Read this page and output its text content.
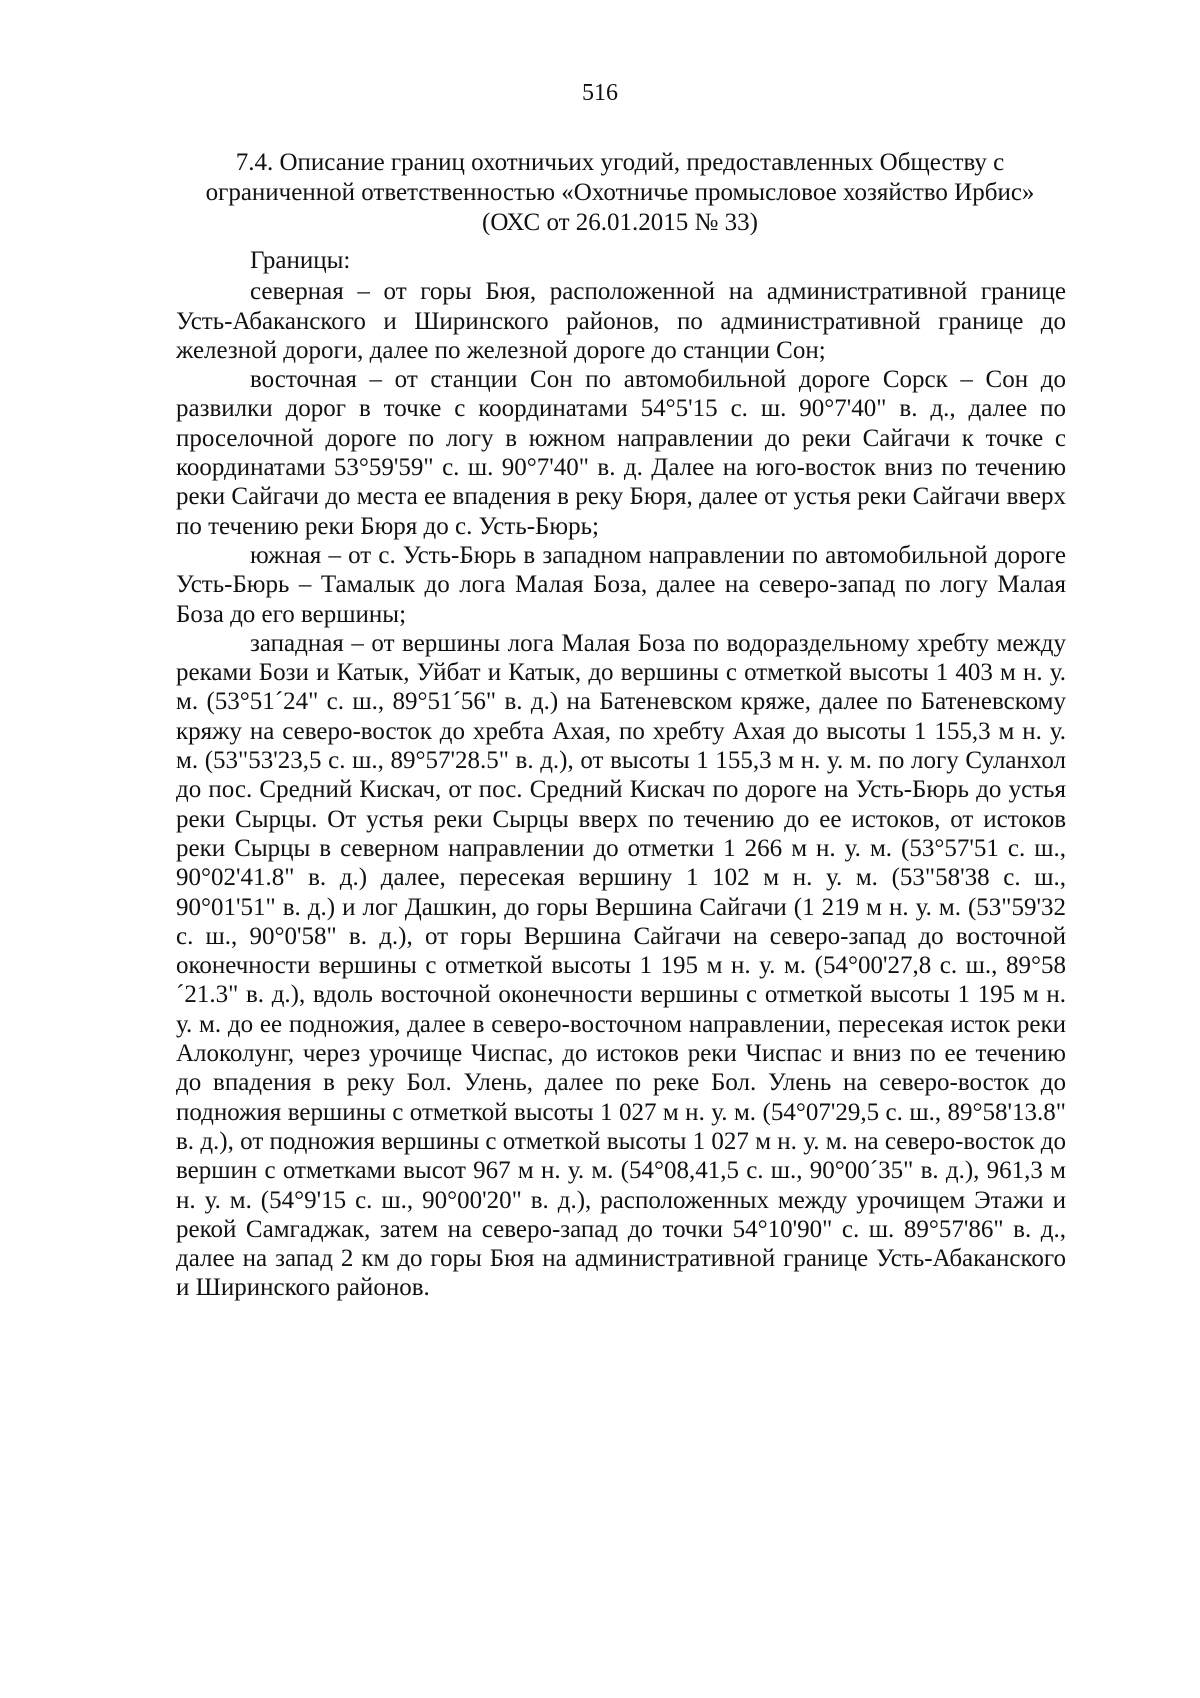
516
7.4. Описание границ охотничьих угодий, предоставленных Обществу с
ограниченной ответственностью «Охотничье промысловое хозяйство Ирбис»
(ОХС от 26.01.2015 № 33)

Границы:

северная – от горы Бюя, расположенной на административной границе Усть-Абаканского и Ширинского районов, по административной границе до железной дороги, далее по железной дороге до станции Сон;

восточная – от станции Сон по автомобильной дороге Сорск – Сон до развилки дорог в точке с координатами 54°5'15 с. ш. 90°7'40" в. д., далее по проселочной дороге по логу в южном направлении до реки Сайгачи к точке с координатами 53°59'59" с. ш. 90°7'40" в. д. Далее на юго-восток вниз по течению реки Сайгачи до места ее впадения в реку Бюря, далее от устья реки Сайгачи вверх по течению реки Бюря до с. Усть-Бюрь;

южная – от с. Усть-Бюрь в западном направлении по автомобильной дороге Усть-Бюрь – Тамалык до лога Малая Боза, далее на северо-запад по логу Малая Боза до его вершины;

западная – от вершины лога Малая Боза по водораздельному хребту между реками Бози и Катык, Уйбат и Катык, до вершины с отметкой высоты 1 403 м н. у. м. (53°51´24" с. ш., 89°51´56" в. д.) на Батеневском кряже, далее по Батеневскому кряжу на северо-восток до хребта Ахая, по хребту Ахая до высоты 1 155,3 м н. у. м. (53"53'23,5 с. ш., 89°57'28.5" в. д.), от высоты 1 155,3 м н. у. м. по логу Суланхол до пос. Средний Кискач, от пос. Средний Кискач по дороге на Усть-Бюрь до устья реки Сырцы. От устья реки Сырцы вверх по течению до ее истоков, от истоков реки Сырцы в северном направлении до отметки 1 266 м н. у. м. (53°57'51 с. ш., 90°02'41.8" в. д.) далее, пересекая вершину 1 102 м н. у. м. (53"58'38 с. ш., 90°01'51" в. д.) и лог Дашкин, до горы Вершина Сайгачи (1 219 м н. у. м. (53"59'32 с. ш., 90°0'58" в. д.), от горы Вершина Сайгачи на северо-запад до восточной оконечности вершины с отметкой высоты 1 195 м н. у. м. (54°00'27,8 с. ш., 89°58´21.3" в. д.), вдоль восточной оконечности вершины с отметкой высоты 1 195 м н. у. м. до ее подножия, далее в северо-восточном направлении, пересекая исток реки Алоколунг, через урочище Чиспас, до истоков реки Чиспас и вниз по ее течению до впадения в реку Бол. Улень, далее по реке Бол. Улень на северо-восток до подножия вершины с отметкой высоты 1 027 м н. у. м. (54°07'29,5 с. ш., 89°58'13.8" в. д.), от подножия вершины с отметкой высоты 1 027 м н. у. м. на северо-восток до вершин с отметками высот 967 м н. у. м. (54°08,41,5 с. ш., 90°00´35" в. д.), 961,3 м н. у. м. (54°9'15 с. ш., 90°00'20" в. д.), расположенных между урочищем Этажи и рекой Самгаджак, затем на северо-запад до точки 54°10'90" с. ш. 89°57'86" в. д., далее на запад 2 км до горы Бюя на административной границе Усть-Абаканского и Ширинского районов.
